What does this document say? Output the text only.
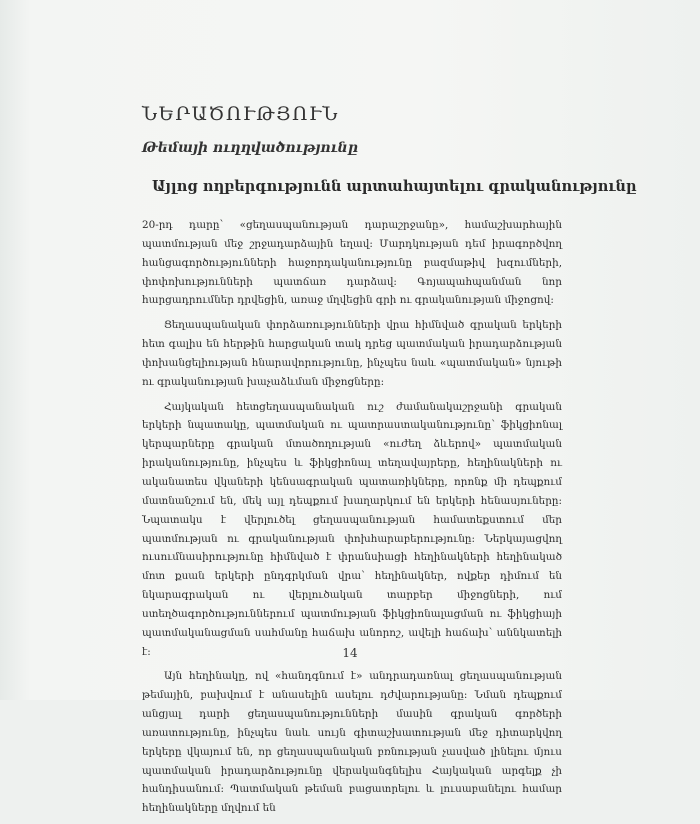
ՆԵՐԱԾՈՒԹՅՈՒՆ
Թեմայի ուղղվածությունը
Այլոց ողբերգությունն արտահայտելու գրականությունը

20-րդ դարը՝ «ցեղասպանության դարաշրջանը», համաշխարհային պատմության մեջ շրջադարձային եղավ: Մարդկության դեմ իրագործվող հանցագործությունների հաջորդականությունը բազմաթիվ խզումների, փոփոխությունների պատճառ դարձավ: Գոյապահպանման նոր հարցադրումներ դրվեցին, առաջ մղվեցին գրի ու գրականության միջոցով:

Ցեղասպանական փորձառությունների վրա հիմնված գրական երկերի հետ գալիս են հերթին հարցական տակ դրեց պատմական իրադարձության փոխանցելիության հնարավորությունը, ինչպես նաև «պատմական» նյութի ու գրականության խաչաձևման միջոցները:

Հայկական հետցեղասպանական ուշ ժամանակաշրջանի գրական երկերի նպատակը, պատմական ու պատրաստականությունը՝ ֆիկցիոնալ կերպարները գրական մտածողության «ուժեղ ձևերով» պատմական իրականությունը, ինչպես և ֆիկցիոնալ տեղավայրերը, հեղինակների ու ականատես վկաների կենսագրական պատառիկները, որոնք մի դեպքում մատնանշում են, մեկ այլ դեպքում խաղարկում են երկերի հենասյուները: Նպատակս է վերլուծել ցեղասպանության համատեքստում մեր պատմության ու գրականության փոխհարաբերությունը: Ներկայացվող ուսումնասիրությունը հիմնված է փրանսիացի հեղինակների հեղինակած մոտ քսան երկերի ընդգրկման վրա՝ հեղինակներ, ովքեր դիմում են նկարագրական ու վերլուծական տարբեր միջոցների, ում ստեղծագործություններում պատմության ֆիկցիոնալացման ու ֆիկցիայի պատմականացման սահմանը հաճախ անորոշ, ավելի հաճախ՝ աննկատելի է:

Այն հեղինակը, ով «հանդգնում է» անդրադառնալ ցեղասպանության թեմային, բախվում է անասելին ասելու դժվարությանը: Նման դեպքում անցյալ դարի ցեղասպանությունների մասին գրական գործերի առատությունը, ինչպես նաև սույն գիտաշխատության մեջ դիտարկվող երկերը վկայում են, որ ցեղասպանական բռնության չասված լինելու մյուս պատմական իրադարձությունը վերականգնելիս Հայկական արգելք չի հանդիսանում: Պատմական թեման բացատրելու և լուսաբանելու համար հեղինակները մղվում են

14
